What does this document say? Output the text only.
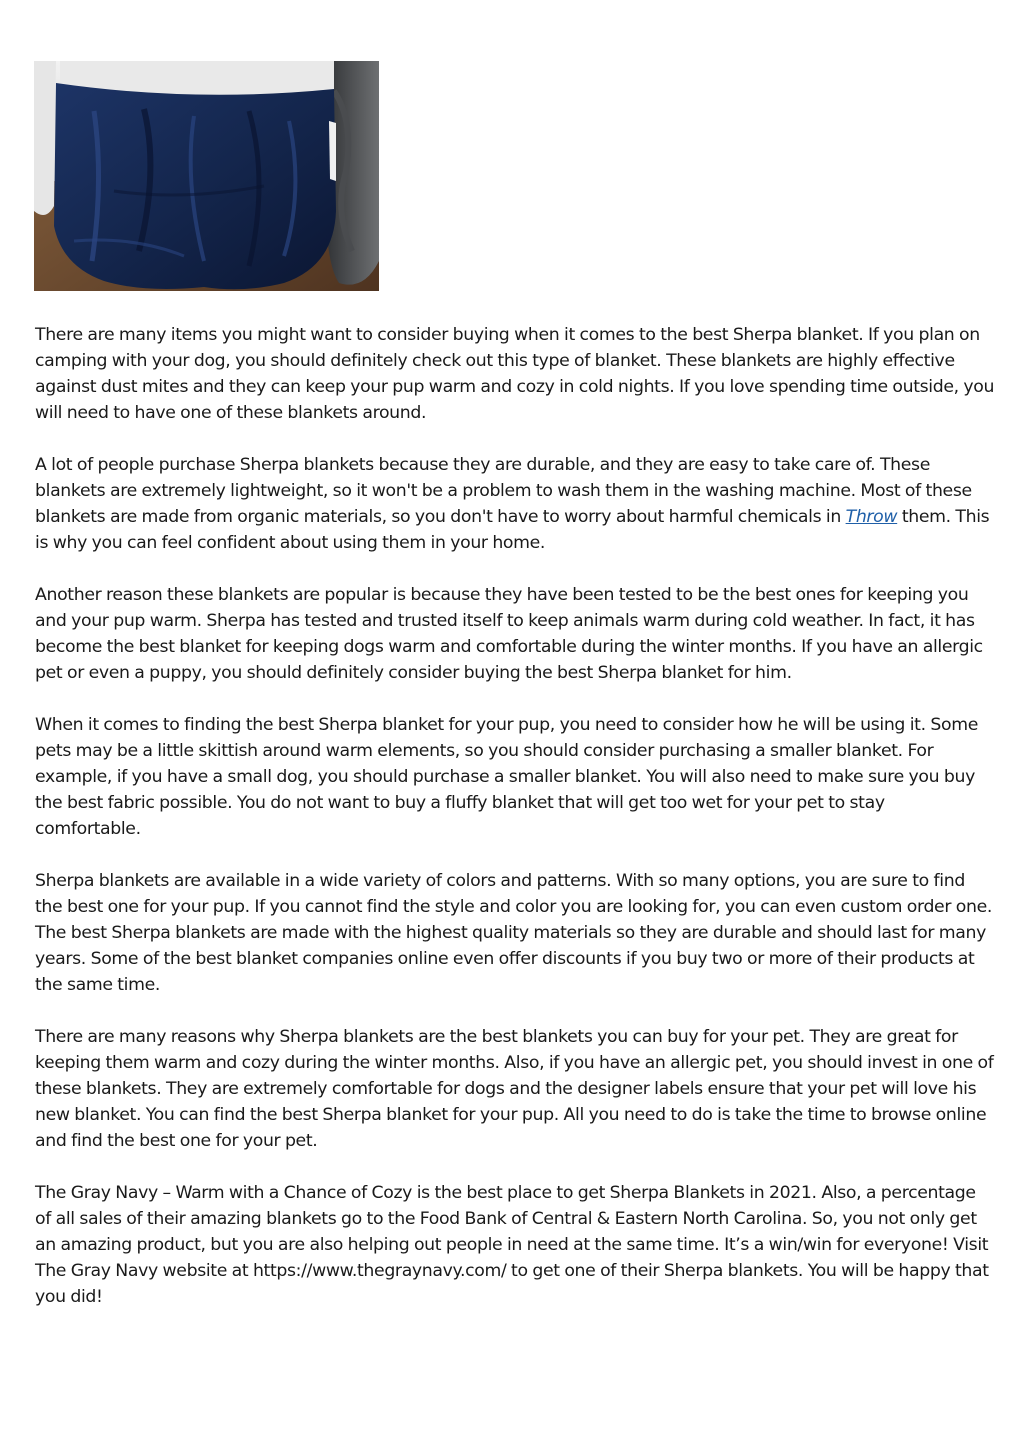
There are many items you might want to consider buying when it comes to the best Sherpa blanket. If you plan on camping with your dog, you should definitely check out this type of blanket. These blankets are highly effective against dust mites and they can keep your pup warm and cozy in cold nights. If you love spending time outside, you will need to have one of these blankets around.

A lot of people purchase Sherpa blankets because they are durable, and they are easy to take care of. These blankets are extremely lightweight, so it won't be a problem to wash them in the washing machine. Most of these blankets are made from organic materials, so you don't have to worry about harmful chemicals in Throw them. This is why you can feel confident about using them in your home.

Another reason these blankets are popular is because they have been tested to be the best ones for keeping you and your pup warm. Sherpa has tested and trusted itself to keep animals warm during cold weather. In fact, it has become the best blanket for keeping dogs warm and comfortable during the winter months. If you have an allergic pet or even a puppy, you should definitely consider buying the best Sherpa blanket for him.

When it comes to finding the best Sherpa blanket for your pup, you need to consider how he will be using it. Some pets may be a little skittish around warm elements, so you should consider purchasing a smaller blanket. For example, if you have a small dog, you should purchase a smaller blanket. You will also need to make sure you buy the best fabric possible. You do not want to buy a fluffy blanket that will get too wet for your pet to stay comfortable.

Sherpa blankets are available in a wide variety of colors and patterns. With so many options, you are sure to find the best one for your pup. If you cannot find the style and color you are looking for, you can even custom order one. The best Sherpa blankets are made with the highest quality materials so they are durable and should last for many years. Some of the best blanket companies online even offer discounts if you buy two or more of their products at the same time.

There are many reasons why Sherpa blankets are the best blankets you can buy for your pet. They are great for keeping them warm and cozy during the winter months. Also, if you have an allergic pet, you should invest in one of these blankets. They are extremely comfortable for dogs and the designer labels ensure that your pet will love his new blanket. You can find the best Sherpa blanket for your pup. All you need to do is take the time to browse online and find the best one for your pet.

The Gray Navy – Warm with a Chance of Cozy is the best place to get Sherpa Blankets in 2021. Also, a percentage of all sales of their amazing blankets go to the Food Bank of Central & Eastern North Carolina. So, you not only get an amazing product, but you are also helping out people in need at the same time. It’s a win/win for everyone! Visit The Gray Navy website at https://www.thegraynavy.com/ to get one of their Sherpa blankets. You will be happy that you did!
